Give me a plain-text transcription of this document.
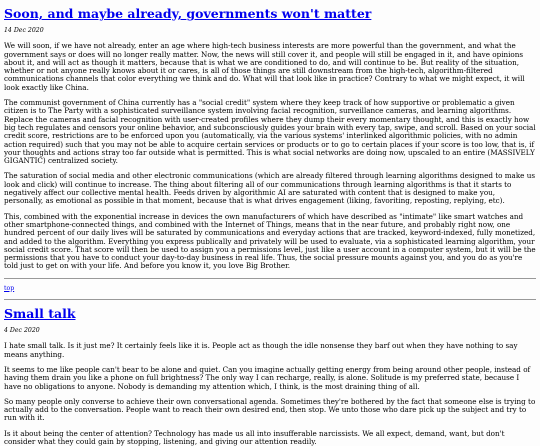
Soon, and maybe already, governments won't matter
14 Dec 2020

We will soon, if we have not already, enter an age where high-tech business interests are more powerful than the government, and what the government says or does will no longer really matter. Now, the news will still cover it, and people will still be engaged in it, and have opinions about it, and will act as though it matters, because that is what we are conditioned to do, and will continue to be. But reality of the situation, whether or not anyone really knows about it or cares, is all of those things are still downstream from the high-tech, algorithm-filtered communications channels that color everything we think and do. What will that look like in practice? Contrary to what we might expect, it will look exactly like China.

The communist government of China currently has a "social credit" system where they keep track of how supportive or problematic a given citizen is to The Party with a sophisticated surveillance system involving facial recognition, surveillance cameras, and learning algorithms. Replace the cameras and facial recognition with user-created profiles where they dump their every momentary thought, and this is exactly how big tech regulates and censors your online behavior, and subconsciously guides your brain with every tap, swipe, and scroll. Based on your social credit score, restrictions are to be enforced upon you (automatically, via the various systems' interlinked algorithmic policies, with no admin action required) such that you may not be able to acquire certain services or products or to go to certain places if your score is too low, that is, if your thoughts and actions stray too far outside what is permitted. This is what social networks are doing now, upscaled to an entire (MASSIVELY GIGANTIC) centralized society.

The saturation of social media and other electronic communications (which are already filtered through learning algorithms designed to make us look and click) will continue to increase. The thing about filtering all of our communications through learning algorithms is that it starts to negatively affect our collective mental health. Feeds driven by algorithmic AI are saturated with content that is designed to make you, personally, as emotional as possible in that moment, because that is what drives engagement (liking, favoriting, reposting, replying, etc).

This, combined with the exponential increase in devices the own manufacturers of which have described as "intimate" like smart watches and other smartphone-connected things, and combined with the Internet of Things, means that in the near future, and probably right now, one hundred percent of our daily lives will be saturated by communications and everyday actions that are tracked, keyword-indexed, fully monetized, and added to the algorithm. Everything you express publically and privately will be used to evaluate, via a sophisticated learning algorithm, your social credit score. That score will then be used to assign you a permissions level, just like a user account in a computer system, but it will be the permissions that you have to conduct your day-to-day business in real life. Thus, the social pressure mounts against you, and you do as you're told just to get on with your life. And before you know it, you love Big Brother.

top
Small talk
4 Dec 2020

I hate small talk. Is it just me? It certainly feels like it is. People act as though the idle nonsense they barf out when they have nothing to say means anything.

It seems to me like people can't bear to be alone and quiet. Can you imagine actually getting energy from being around other people, instead of having them drain you like a phone on full brightness? The only way I can recharge, really, is alone. Solitude is my preferred state, because I have no obligations to anyone. Nobody is demanding my attention which, I think, is the most draining thing of all.

So many people only converse to achieve their own conversational agenda. Sometimes they're bothered by the fact that someone else is trying to actually add to the conversation. People want to reach their own desired end, then stop. We unto those who dare pick up the subject and try to run with it.

Is it about being the center of attention? Technology has made us all into insufferable narcissists. We all expect, demand, want, but don't consider what they could gain by stopping, listening, and giving our attention readily.
